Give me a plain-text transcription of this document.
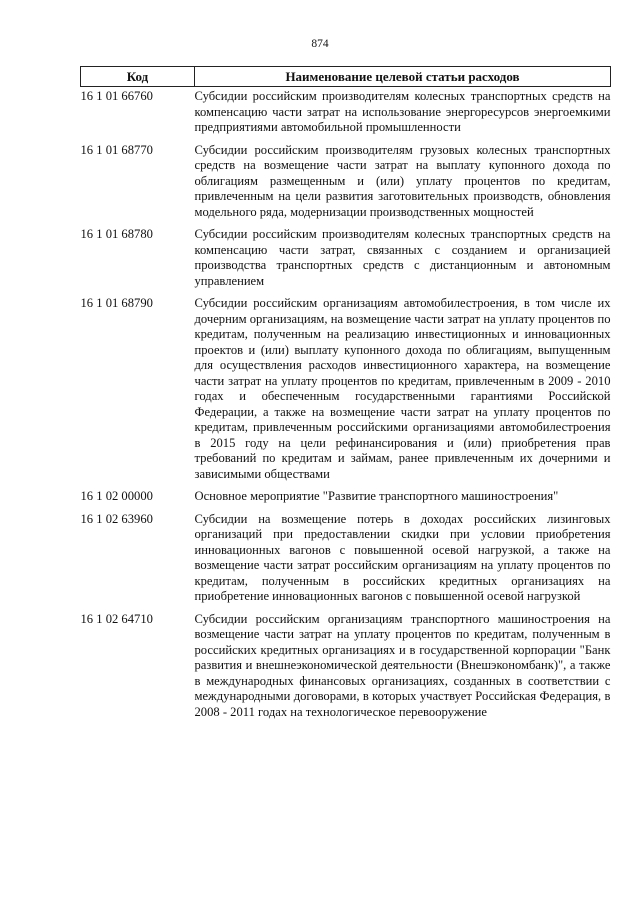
874
Код	Наименование целевой статьи расходов
16 1 01 66760	Субсидии российским производителям колесных транспортных средств на компенсацию части затрат на использование энергоресурсов энергоемкими предприятиями автомобильной промышленности
16 1 01 68770	Субсидии российским производителям грузовых колесных транспортных средств на возмещение части затрат на выплату купонного дохода по облигациям размещенным и (или) уплату процентов по кредитам, привлеченным на цели развития заготовительных производств, обновления модельного ряда, модернизации производственных мощностей
16 1 01 68780	Субсидии российским производителям колесных транспортных средств на компенсацию части затрат, связанных с созданием и организацией производства транспортных средств с дистанционным и автономным управлением
16 1 01 68790	Субсидии российским организациям автомобилестроения, в том числе их дочерним организациям, на возмещение части затрат на уплату процентов по кредитам, полученным на реализацию инвестиционных и инновационных проектов и (или) выплату купонного дохода по облигациям, выпущенным для осуществления расходов инвестиционного характера, на возмещение части затрат на уплату процентов по кредитам, привлеченным в 2009 - 2010 годах и обеспеченным государственными гарантиями Российской Федерации, а также на возмещение части затрат на уплату процентов по кредитам, привлеченным российскими организациями автомобилестроения в 2015 году на цели рефинансирования и (или) приобретения прав требований по кредитам и займам, ранее привлеченным их дочерними и зависимыми обществами
16 1 02 00000	Основное мероприятие "Развитие транспортного машиностроения"
16 1 02 63960	Субсидии на возмещение потерь в доходах российских лизинговых организаций при предоставлении скидки при условии приобретения инновационных вагонов с повышенной осевой нагрузкой, а также на возмещение части затрат российским организациям на уплату процентов по кредитам, полученным в российских кредитных организациях на приобретение инновационных вагонов с повышенной осевой нагрузкой
16 1 02 64710	Субсидии российским организациям транспортного машиностроения на возмещение части затрат на уплату процентов по кредитам, полученным в российских кредитных организациях и в государственной корпорации "Банк развития и внешнеэкономической деятельности (Внешэкономбанк)", а также в международных финансовых организациях, созданных в соответствии с международными договорами, в которых участвует Российская Федерация, в 2008 - 2011 годах на технологическое перевооружение
